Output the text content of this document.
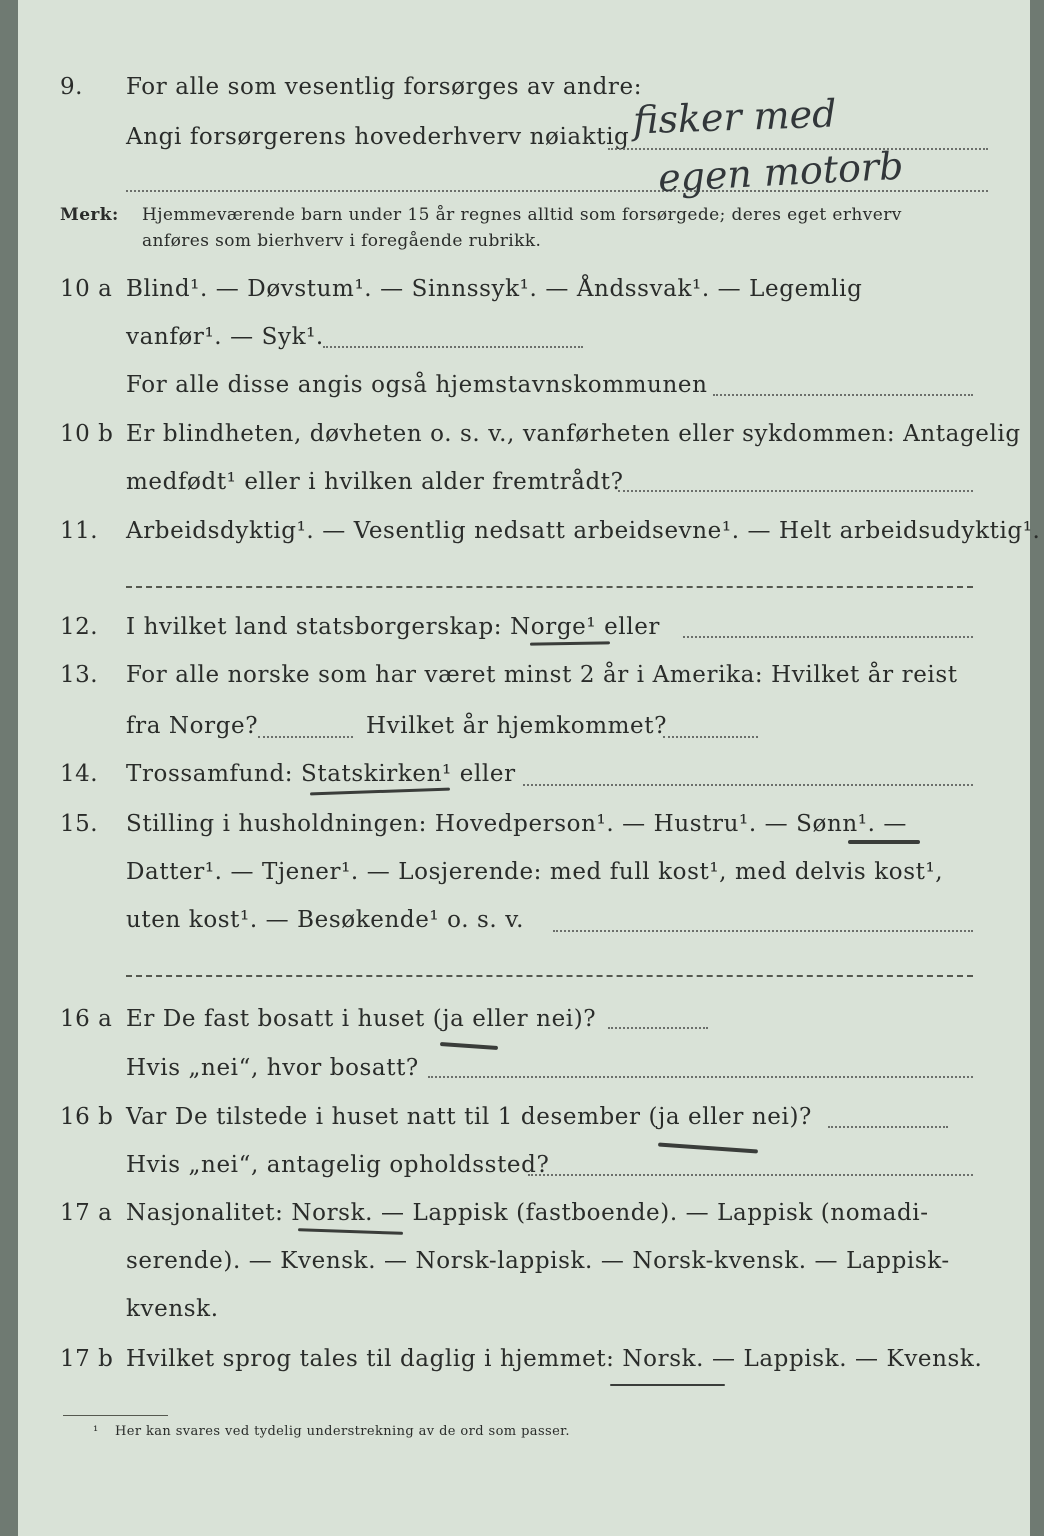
9. For alle som vesentlig forsørges av andre:
Angi forsørgerens hovederhverv nøiaktig fisker med
egen motorb
Merk: Hjemmeværende barn under 15 år regnes alltid som forsørgede; deres eget erhverv
anføres som bierhverv i foregående rubrikk.
10 a Blind¹. — Døvstum¹. — Sinnssyk¹. — Åndssvak¹. — Legemlig
vanfør¹. — Syk¹.
For alle disse angis også hjemstavnskommunen
10 b Er blindheten, døvheten o. s. v., vanførheten eller sykdommen: Antagelig
medfødt¹ eller i hvilken alder fremtrådt?
11. Arbeidsdyktig¹. — Vesentlig nedsatt arbeidsevne¹. — Helt arbeidsudyktig¹.
12. I hvilket land statsborgerskap: Norge¹ eller
13. For alle norske som har været minst 2 år i Amerika: Hvilket år reist
fra Norge?	Hvilket år hjemkommet?
14. Trossamfund: Statskirken¹ eller
15. Stilling i husholdningen: Hovedperson¹. — Hustru¹. — Sønn¹. —
Datter¹. — Tjener¹. — Losjerende: med full kost¹, med delvis kost¹,
uten kost¹. — Besøkende¹ o. s. v.
16 a Er De fast bosatt i huset (ja eller nei)?
Hvis „nei“, hvor bosatt?
16 b Var De tilstede i huset natt til 1 desember (ja eller nei)?
Hvis „nei“, antagelig opholdssted?
17 a Nasjonalitet: Norsk. — Lappisk (fastboende). — Lappisk (nomadi-
serende). — Kvensk. — Norsk-lappisk. — Norsk-kvensk. — Lappisk-
kvensk.
17 b Hvilket sprog tales til daglig i hjemmet: Norsk. — Lappisk. — Kvensk.
¹ Her kan svares ved tydelig understrekning av de ord som passer.
